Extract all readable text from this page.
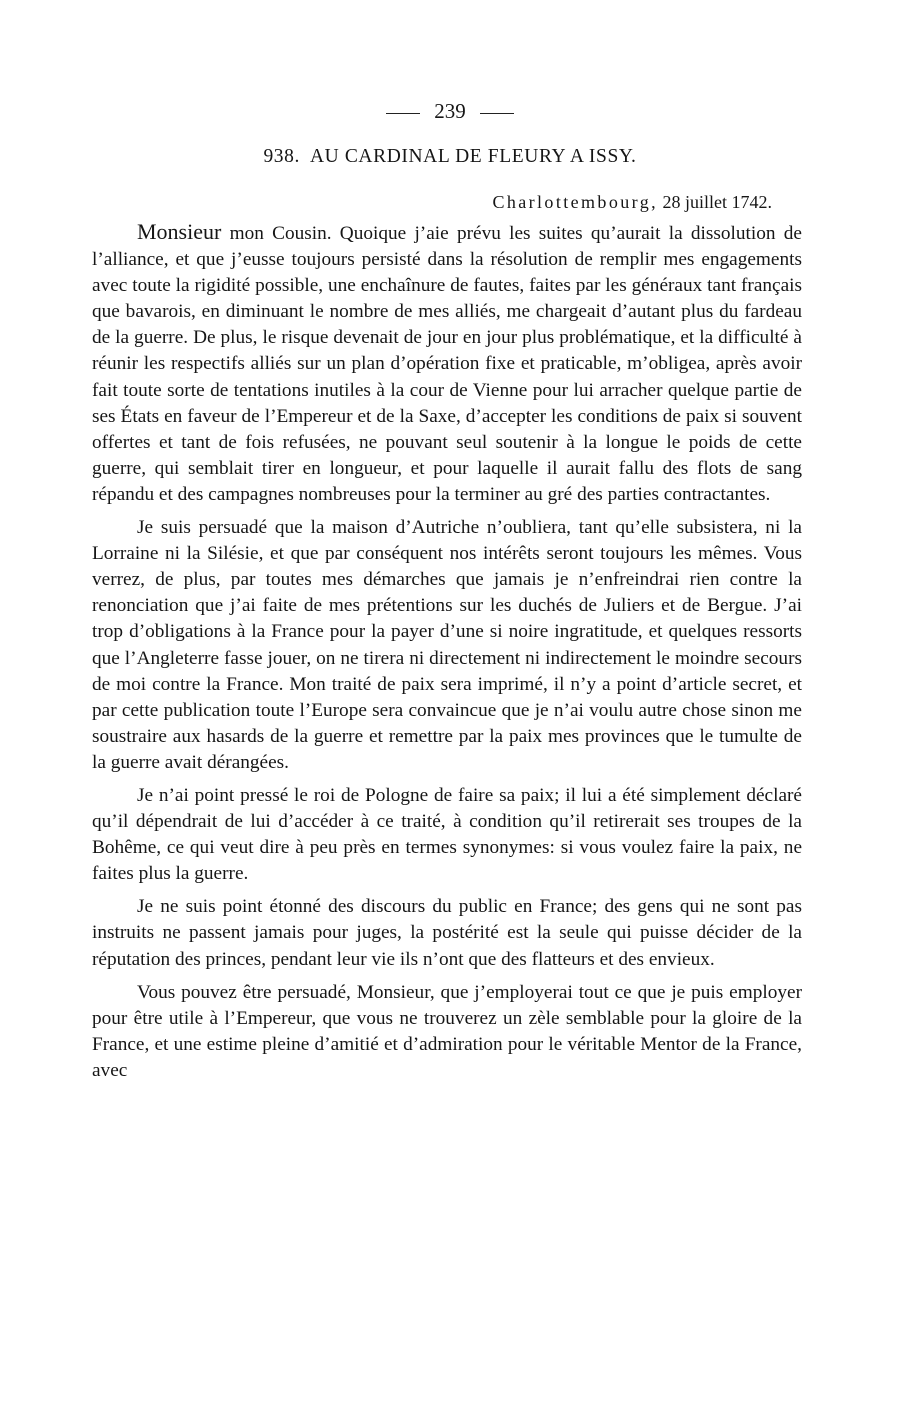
239
938. AU CARDINAL DE FLEURY A ISSY.
Charlottembourg, 28 juillet 1742.

Monsieur mon Cousin. Quoique j’aie prévu les suites qu’aurait la dissolution de l’alliance, et que j’eusse toujours persisté dans la résolution de remplir mes engagements avec toute la rigidité possible, une enchaînure de fautes, faites par les généraux tant français que bavarois, en diminuant le nombre de mes alliés, me chargeait d’autant plus du fardeau de la guerre. De plus, le risque devenait de jour en jour plus problématique, et la difficulté à réunir les respectifs alliés sur un plan d’opération fixe et praticable, m’obligea, après avoir fait toute sorte de tentations inutiles à la cour de Vienne pour lui arracher quelque partie de ses États en faveur de l’Empereur et de la Saxe, d’accepter les conditions de paix si souvent offertes et tant de fois refusées, ne pouvant seul soutenir à la longue le poids de cette guerre, qui semblait tirer en longueur, et pour laquelle il aurait fallu des flots de sang répandu et des campagnes nombreuses pour la terminer au gré des parties contractantes.

Je suis persuadé que la maison d’Autriche n’oubliera, tant qu’elle subsistera, ni la Lorraine ni la Silésie, et que par conséquent nos intérêts seront toujours les mêmes. Vous verrez, de plus, par toutes mes démarches que jamais je n’enfreindrai rien contre la renonciation que j’ai faite de mes prétentions sur les duchés de Juliers et de Bergue. J’ai trop d’obligations à la France pour la payer d’une si noire ingratitude, et quelques ressorts que l’Angleterre fasse jouer, on ne tirera ni directement ni indirectement le moindre secours de moi contre la France. Mon traité de paix sera imprimé, il n’y a point d’article secret, et par cette publication toute l’Europe sera convaincue que je n’ai voulu autre chose sinon me soustraire aux hasards de la guerre et remettre par la paix mes provinces que le tumulte de la guerre avait dérangées.

Je n’ai point pressé le roi de Pologne de faire sa paix; il lui a été simplement déclaré qu’il dépendrait de lui d’accéder à ce traité, à condition qu’il retirerait ses troupes de la Bohême, ce qui veut dire à peu près en termes synonymes: si vous voulez faire la paix, ne faites plus la guerre.

Je ne suis point étonné des discours du public en France; des gens qui ne sont pas instruits ne passent jamais pour juges, la postérité est la seule qui puisse décider de la réputation des princes, pendant leur vie ils n’ont que des flatteurs et des envieux.

Vous pouvez être persuadé, Monsieur, que j’employerai tout ce que je puis employer pour être utile à l’Empereur, que vous ne trouverez un zèle semblable pour la gloire de la France, et une estime pleine d’amitié et d’admiration pour le véritable Mentor de la France, avec
